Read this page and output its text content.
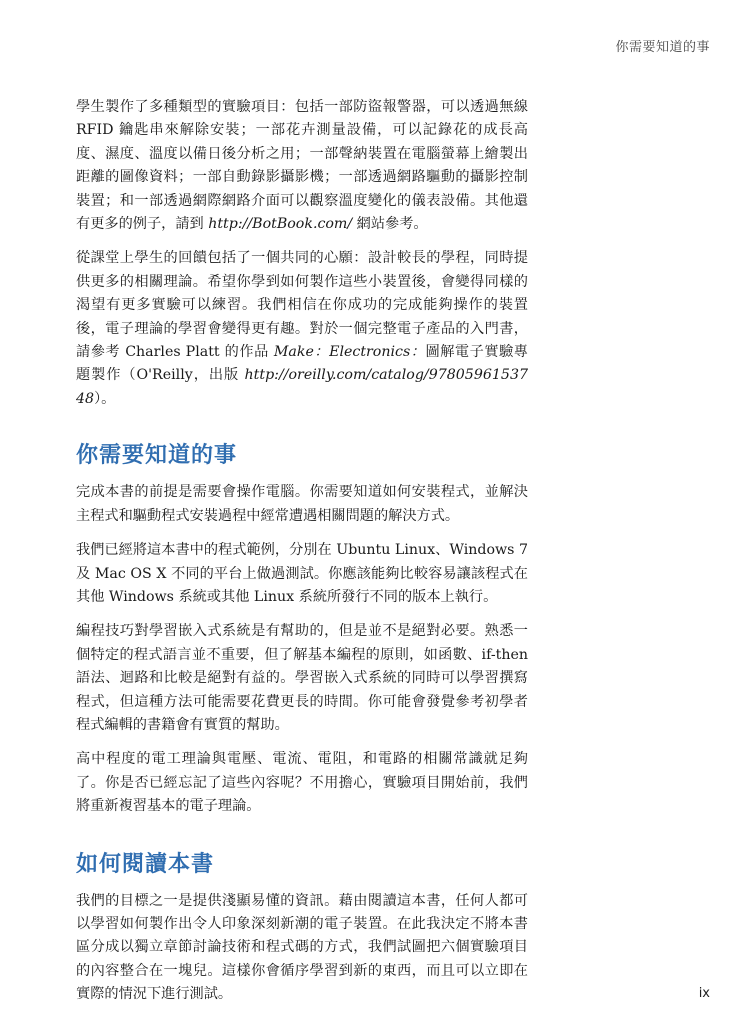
你需要知道的事

學生製作了多種類型的實驗項目：包括一部防盜報警器，可以透過無線 RFID 鑰匙串來解除安裝；一部花卉測量設備，可以記錄花的成長高度、濕度、溫度以備日後分析之用；一部聲納裝置在電腦螢幕上繪製出距離的圖像資料；一部自動錄影攝影機；一部透過網路驅動的攝影控制裝置；和一部透過網際網路介面可以觀察溫度變化的儀表設備。其他還有更多的例子，請到 http://BotBook.com/ 網站參考。

從課堂上學生的回饋包括了一個共同的心願：設計較長的學程，同時提供更多的相關理論。希望你學到如何製作這些小裝置後，會變得同樣的渴望有更多實驗可以練習。我們相信在你成功的完成能夠操作的裝置後，電子理論的學習會變得更有趣。對於一個完整電子產品的入門書，請參考 Charles Platt 的作品 Make：Electronics：圖解電子實驗專題製作（O'Reilly，出版 http://oreilly.com/catalog/9780596153748）。

你需要知道的事

完成本書的前提是需要會操作電腦。你需要知道如何安裝程式，並解決主程式和驅動程式安裝過程中經常遭遇相關問題的解決方式。

我們已經將這本書中的程式範例，分別在 Ubuntu Linux、Windows 7 及 Mac OS X 不同的平台上做過測試。你應該能夠比較容易讓該程式在其他 Windows 系統或其他 Linux 系統所發行不同的版本上執行。

編程技巧對學習嵌入式系統是有幫助的，但是並不是絕對必要。熟悉一個特定的程式語言並不重要，但了解基本編程的原則，如函數、if-then 語法、迴路和比較是絕對有益的。學習嵌入式系統的同時可以學習撰寫程式，但這種方法可能需要花費更長的時間。你可能會發覺參考初學者程式編輯的書籍會有實質的幫助。

高中程度的電工理論與電壓、電流、電阻，和電路的相關常識就足夠了。你是否已經忘記了這些內容呢？不用擔心，實驗項目開始前，我們將重新複習基本的電子理論。

如何閱讀本書

我們的目標之一是提供淺顯易懂的資訊。藉由閱讀這本書，任何人都可以學習如何製作出令人印象深刻新潮的電子裝置。在此我決定不將本書區分成以獨立章節討論技術和程式碼的方式，我們試圖把六個實驗項目的內容整合在一塊兒。這樣你會循序學習到新的東西，而且可以立即在實際的情況下進行測試。	ix
